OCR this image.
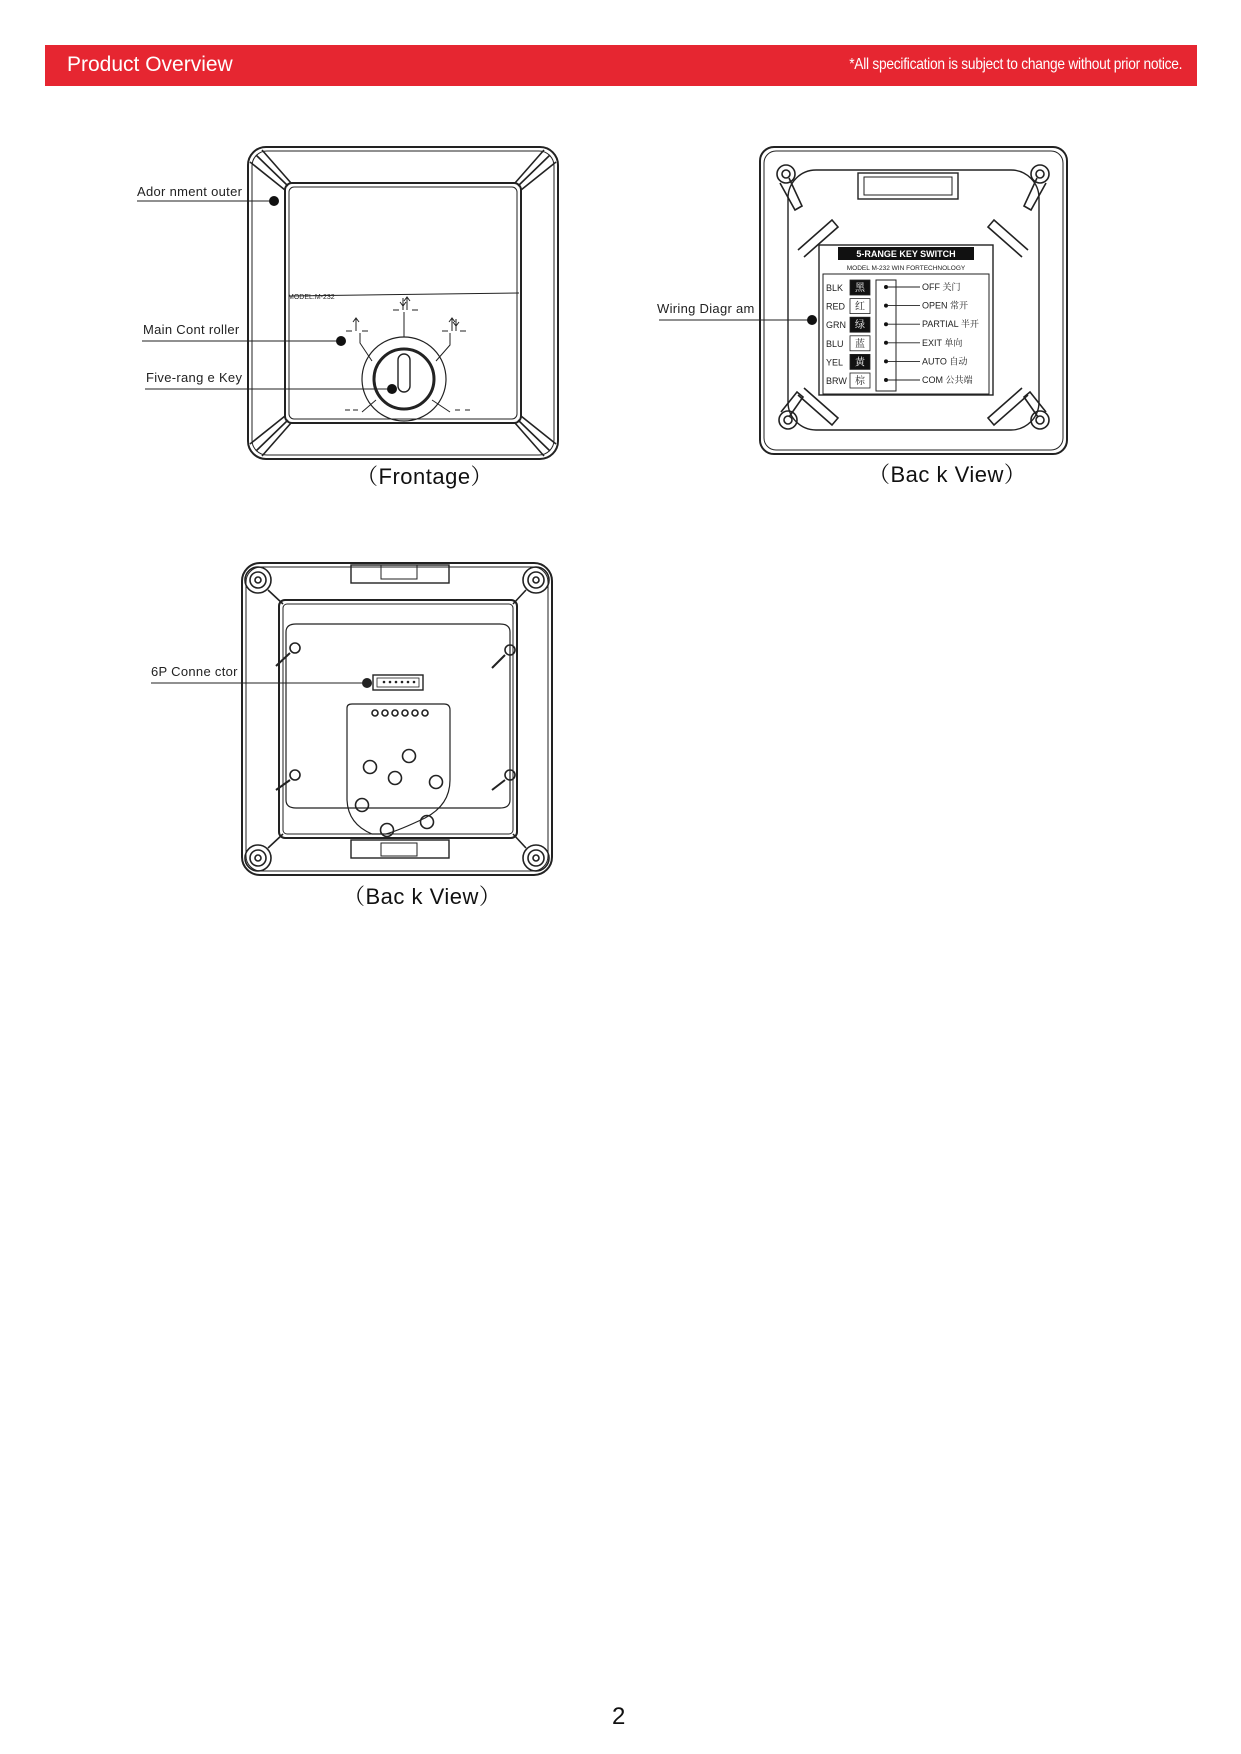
Product Overview	*All specification is subject to change without prior notice.
MODEL:M-232
Ador nment outer
Main Cont roller
Five-rang e Key
（Frontage）
5-RANGE KEY SWITCH
MODEL M-232 WIN FORTECHNOLOGY
BLK 黑	OFF 关门
RED 红	OPEN 常开
GRN 绿	PARTIAL 半开
BLU 蓝	EXIT 单向
YEL 黄	AUTO 自动
BRW 棕	COM 公共端
Wiring Diagr am
（Bac k View）
6P Conne ctor
（Bac k View）
2
